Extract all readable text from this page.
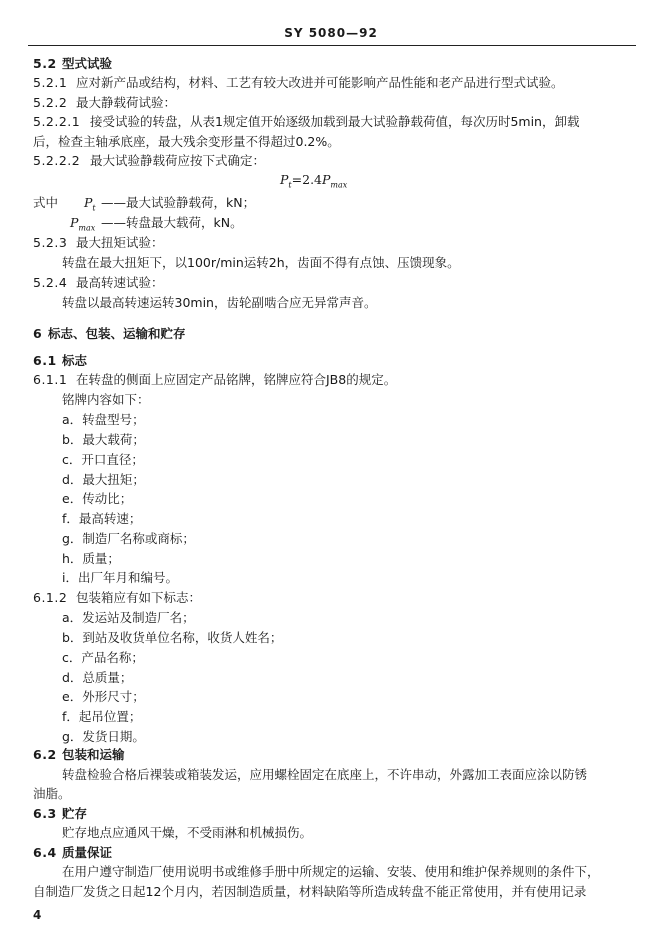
SY 5080—92
5.2 型式试验
5.2.1 应对新产品或结构，材料、工艺有较大改进并可能影响产品性能和老产品进行型式试验。
5.2.2 最大静载荷试验：
5.2.2.1 接受试验的转盘，从表1规定值开始逐级加载到最大试验静载荷值，每次历时5min，卸载
后，检查主轴承底座，最大残余变形量不得超过0.2%。
5.2.2.2 最大试验静载荷应按下式确定：
$P_t=2.4P_{max}$
式中 $P_t$ ——最大试验静载荷，kN；
$P_{max}$ ——转盘最大载荷，kN。
5.2.3 最大扭矩试验：
转盘在最大扭矩下，以100r/min运转2h，齿面不得有点蚀、压馈现象。
5.2.4 最高转速试验：
转盘以最高转速运转30min，齿轮副啮合应无异常声音。
6 标志、包装、运输和贮存
6.1 标志
6.1.1 在转盘的侧面上应固定产品铭牌，铭牌应符合JB8的规定。
铭牌内容如下：
a．转盘型号；
b．最大载荷；
c．开口直径；
d．最大扭矩；
e．传动比；
f．最高转速；
g．制造厂名称或商标；
h．质量；
i．出厂年月和编号。
6.1.2 包装箱应有如下标志：
a．发运站及制造厂名；
b．到站及收货单位名称，收货人姓名；
c．产品名称；
d．总质量；
e．外形尺寸；
f．起吊位置；
g．发货日期。
6.2 包装和运输
转盘检验合格后裸装或箱装发运，应用螺栓固定在底座上，不许串动，外露加工表面应涂以防锈
油脂。
6.3 贮存
贮存地点应通风干燥，不受雨淋和机械损伤。
6.4 质量保证
在用户遵守制造厂使用说明书或维修手册中所规定的运输、安装、使用和维护保养规则的条件下，
自制造厂发货之日起12个月内，若因制造质量，材料缺陷等所造成转盘不能正常使用，并有使用记录
4
